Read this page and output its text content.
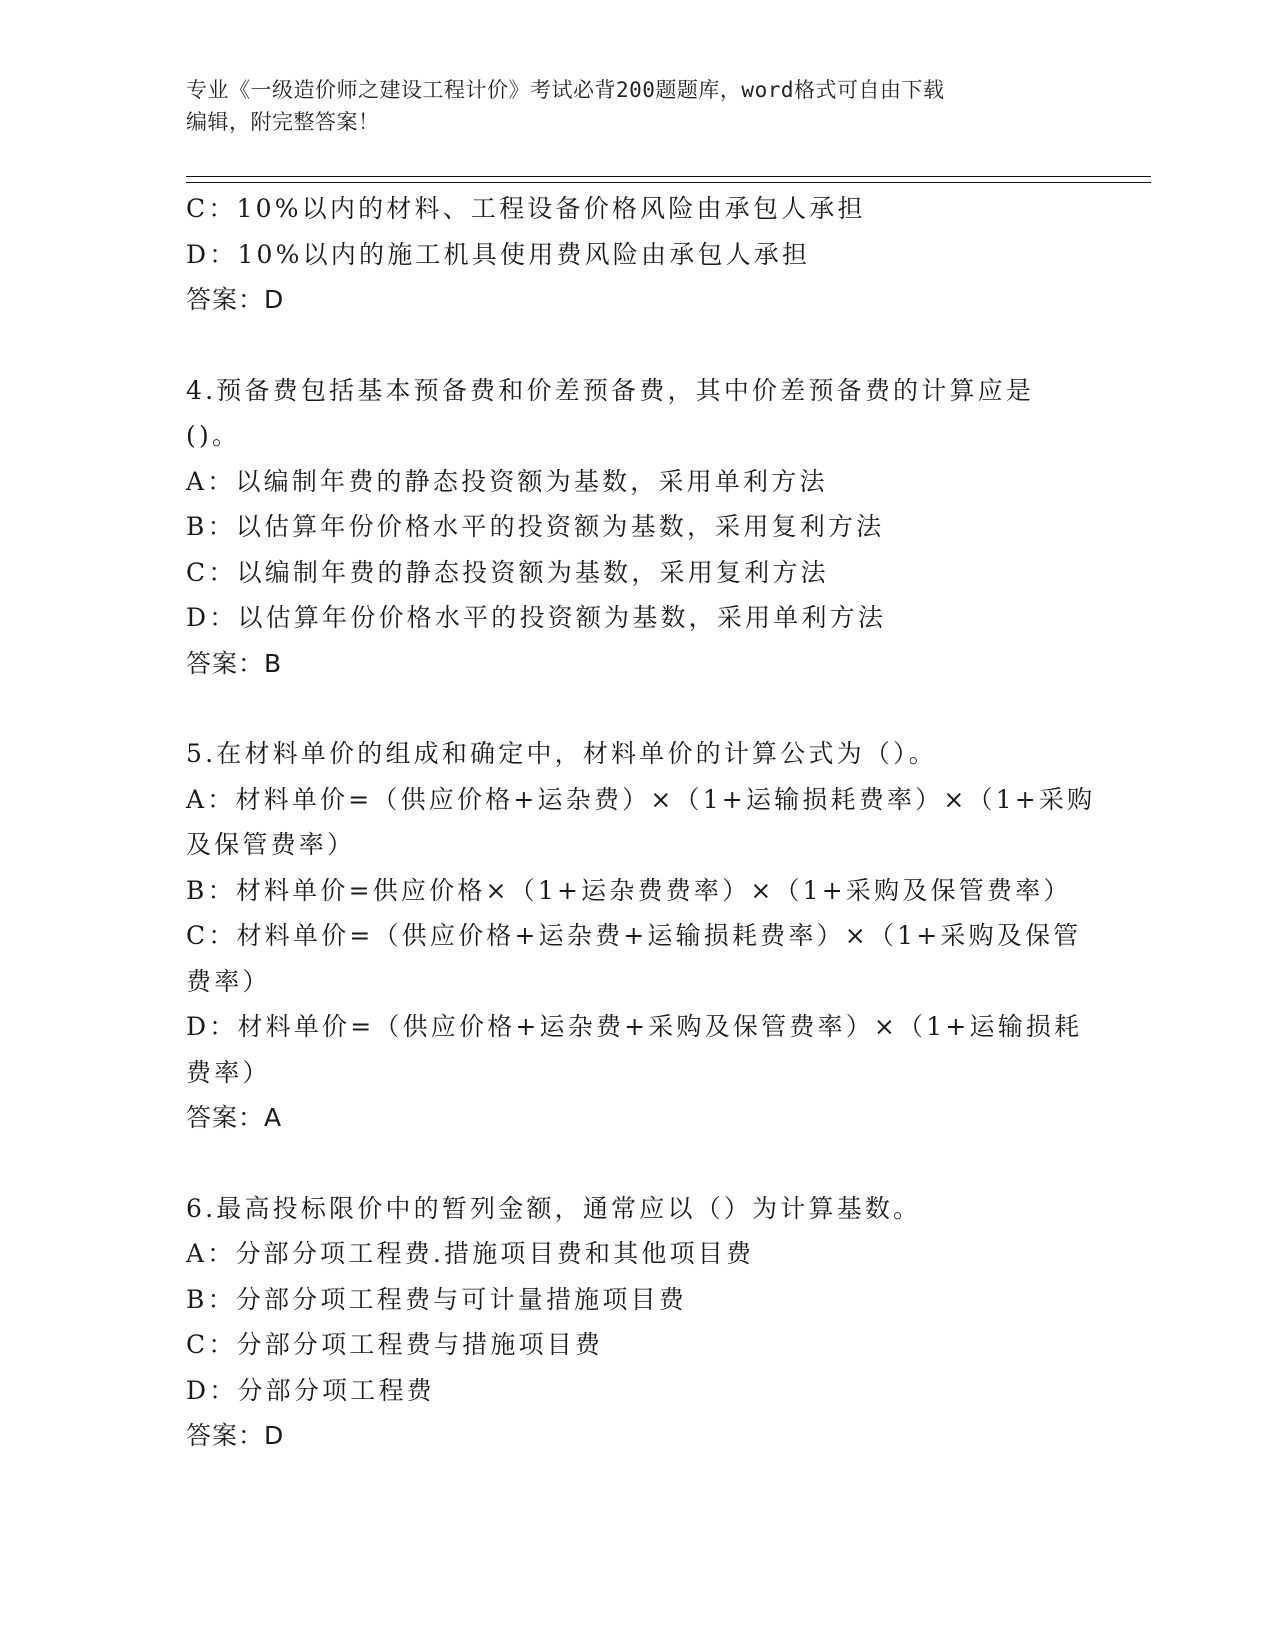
专业《一级造价师之建设工程计价》考试必背200题题库，word格式可自由下载
编辑，附完整答案！
C：10%以内的材料、工程设备价格风险由承包人承担
D：10%以内的施工机具使用费风险由承包人承担
答案：D
4.预备费包括基本预备费和价差预备费，其中价差预备费的计算应是
()。
A：以编制年费的静态投资额为基数，采用单利方法
B：以估算年份价格水平的投资额为基数，采用复利方法
C：以编制年费的静态投资额为基数，采用复利方法
D：以估算年份价格水平的投资额为基数，采用单利方法
答案：B
5.在材料单价的组成和确定中，材料单价的计算公式为（）。
A：材料单价=（供应价格+运杂费）×（1+运输损耗费率）×（1+采购
及保管费率）
B：材料单价=供应价格×（1+运杂费费率）×（1+采购及保管费率）
C：材料单价=（供应价格+运杂费+运输损耗费率）×（1+采购及保管
费率）
D：材料单价=（供应价格+运杂费+采购及保管费率）×（1+运输损耗
费率）
答案：A
6.最高投标限价中的暂列金额，通常应以（）为计算基数。
A：分部分项工程费.措施项目费和其他项目费
B：分部分项工程费与可计量措施项目费
C：分部分项工程费与措施项目费
D：分部分项工程费
答案：D
